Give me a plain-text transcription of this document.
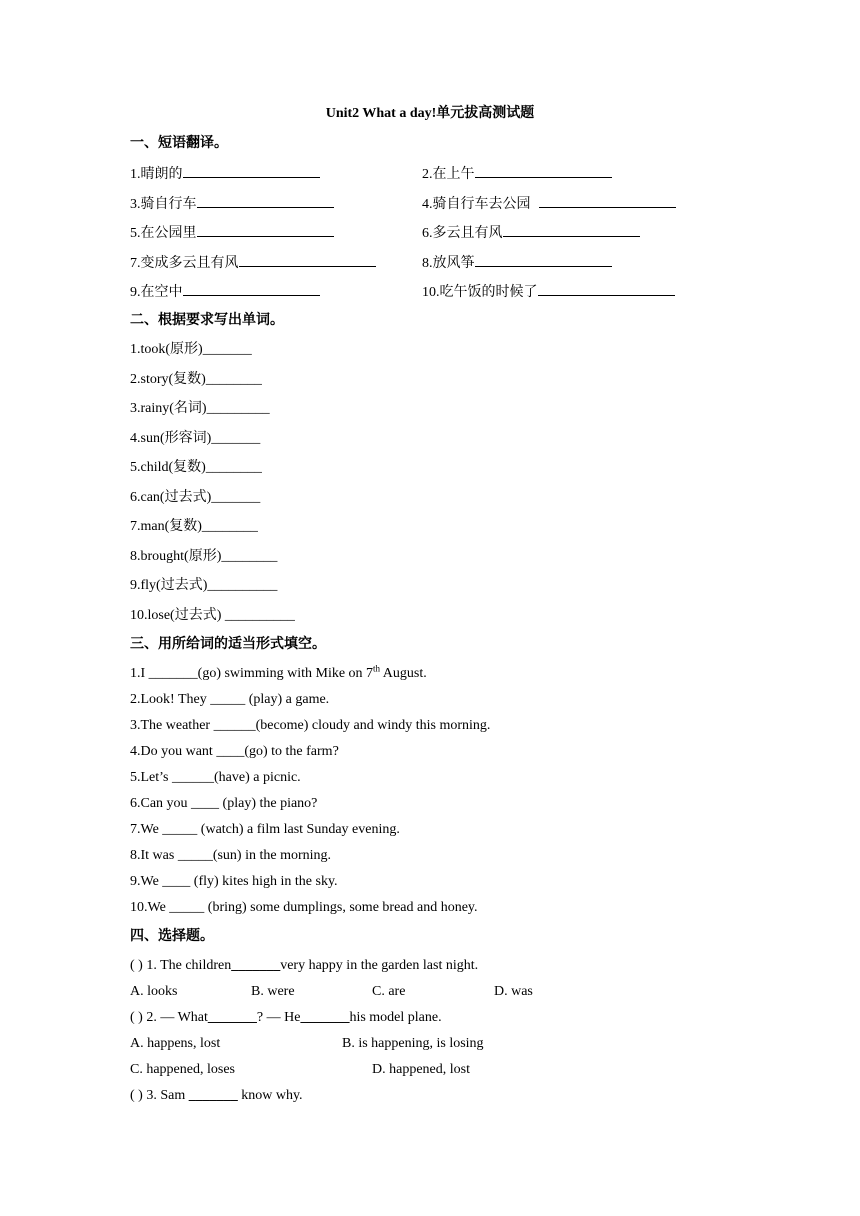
Unit2 What a day!单元拔高测试题
一、短语翻译。
1.晴朗的	2.在上午
3.骑自行车	4.骑自行车去公园
5.在公园里	6.多云且有风
7.变成多云且有风	8.放风筝
9.在空中	10.吃午饭的时候了
二、根据要求写出单词。
1.took(原形)_______
2.story(复数)________
3.rainy(名词)_________
4.sun(形容词)_______
5.child(复数)________
6.can(过去式)_______
7.man(复数)________
8.brought(原形)________
9.fly(过去式)__________
10.lose(过去式) __________
三、用所给词的适当形式填空。
1.I _______(go) swimming with Mike on 7th August.
2.Look! They _____ (play) a game.
3.The weather ______(become) cloudy and windy this morning.
4.Do you want ____(go) to the farm?
5.Let’s ______(have) a picnic.
6.Can you ____ (play) the piano?
7.We _____ (watch) a film last Sunday evening.
8.It was _____(sun) in the morning.
9.We ____ (fly) kites high in the sky.
10.We _____ (bring) some dumplings, some bread and honey.
四、选择题。
( ) 1. The children_______very happy in the garden last night.
A. looks	B. were	C. are	D. was
( ) 2. — What_______? — He_______his model plane.
A. happens, lost	B. is happening, is losing
C. happened, loses	D. happened, lost
( ) 3. Sam _______ know why.
